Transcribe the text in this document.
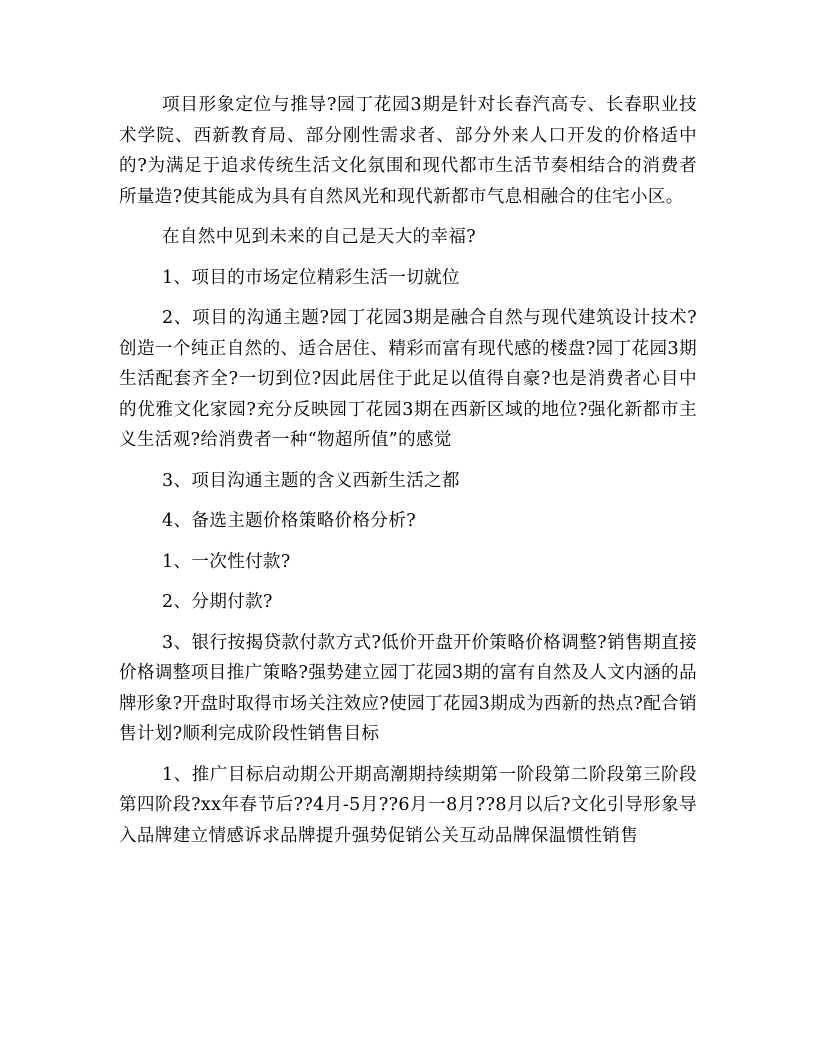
项目形象定位与推导?园丁花园3期是针对长春汽高专、长春职业技术学院、西新教育局、部分刚性需求者、部分外来人口开发的价格适中的?为满足于追求传统生活文化氛围和现代都市生活节奏相结合的消费者所量造?使其能成为具有自然风光和现代新都市气息相融合的住宅小区。

在自然中见到未来的自己是天大的幸福?

1、项目的市场定位精彩生活一切就位

2、项目的沟通主题?园丁花园3期是融合自然与现代建筑设计技术?创造一个纯正自然的、适合居住、精彩而富有现代感的楼盘?园丁花园3期生活配套齐全?一切到位?因此居住于此足以值得自豪?也是消费者心目中的优雅文化家园?充分反映园丁花园3期在西新区域的地位?强化新都市主义生活观?给消费者一种“物超所值”的感觉

3、项目沟通主题的含义西新生活之都

4、备选主题价格策略价格分析?

1、一次性付款?

2、分期付款?

3、银行按揭贷款付款方式?低价开盘开价策略价格调整?销售期直接价格调整项目推广策略?强势建立园丁花园3期的富有自然及人文内涵的品牌形象?开盘时取得市场关注效应?使园丁花园3期成为西新的热点?配合销售计划?顺利完成阶段性销售目标

1、推广目标启动期公开期高潮期持续期第一阶段第二阶段第三阶段第四阶段?xx年春节后??4月-5月??6月一8月??8月以后?文化引导形象导入品牌建立情感诉求品牌提升强势促销公关互动品牌保温惯性销售
